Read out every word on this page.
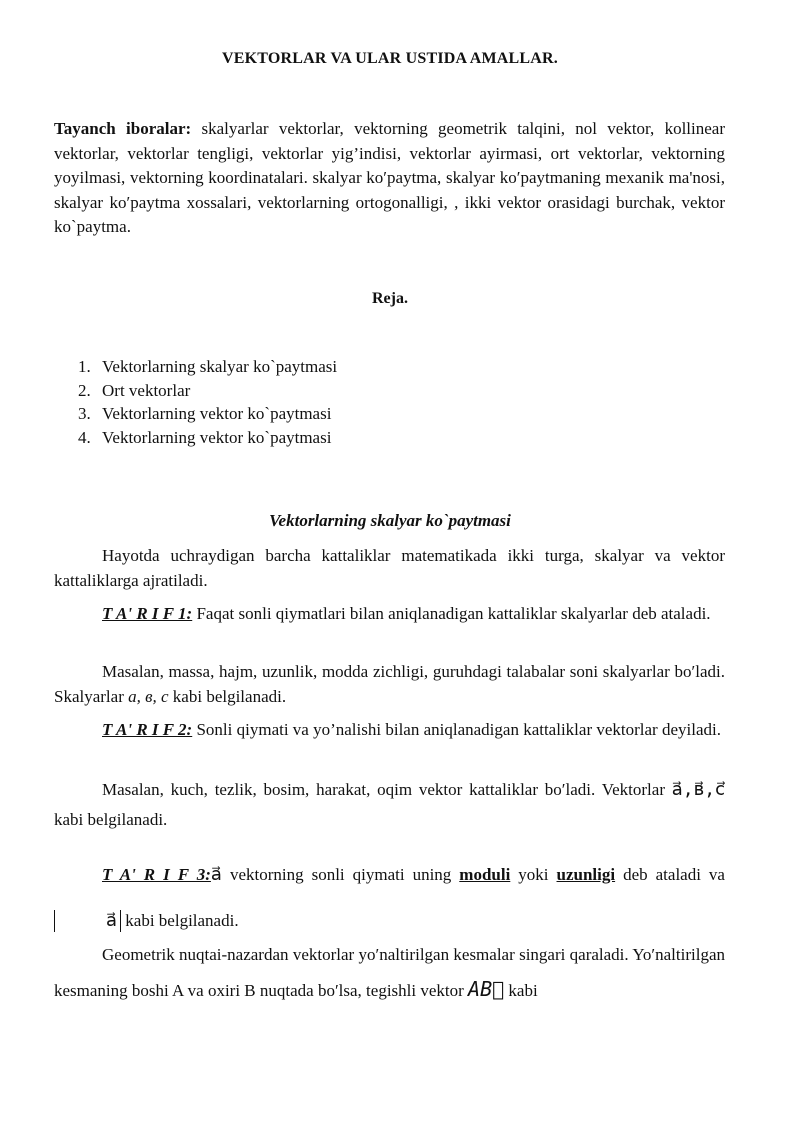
VEKTORLAR VA ULAR USTIDA AMALLAR.
Tayanch iboralar: skalyarlar vektorlar, vektorning geometrik talqini, nol vektor, kollinear vektorlar, vektorlar tengligi, vektorlar yig’indisi, vektorlar ayirmasi, ort vektorlar, vektorning yoyilmasi, vektorning koordinatalari. skalyar koʹpaytma, skalyar koʹpaytmaning mexanik ma'nosi, skalyar koʹpaytma xossalari, vektorlarning ortogonalligi, , ikki vektor orasidagi burchak, vektor ko`paytma.
Reja.
1. Vektorlarning skalyar ko`paytmasi
2. Ort vektorlar
3. Vektorlarning vektor ko`paytmasi
4. Vektorlarning vektor ko`paytmasi
Vektorlarning skalyar ko`paytmasi
Hayotda uchraydigan barcha kattaliklar matematikada ikki turga, skalyar va vektor kattaliklarga ajratiladi.
T A' R I F 1: Faqat sonli qiymatlari bilan aniqlanadigan kattaliklar skalyarlar deb ataladi.
Masalan, massa, hajm, uzunlik, modda zichligi, guruhdagi talabalar soni skalyarlar boʹladi. Skalyarlar a, в, c kabi belgilanadi.
T A' R I F 2: Sonli qiymati va yo’nalishi bilan aniqlanadigan kattaliklar vektorlar deyiladi.
Masalan, kuch, tezlik, bosim, harakat, oqim vektor kattaliklar boʹladi. Vektorlar a⃗,в⃗,c⃗ kabi belgilanadi.
T A' R I F 3:a⃗ vektorning sonli qiymati uning moduli yoki uzunligi deb ataladi va a⃗ kabi belgilanadi.
Geometrik nuqtai-nazardan vektorlar yoʹnaltirilgan kesmalar singari qaraladi. Yoʹnaltirilgan kesmaning boshi A va oxiri B nuqtada boʹlsa, tegishli vektor AB⃗ kabi
